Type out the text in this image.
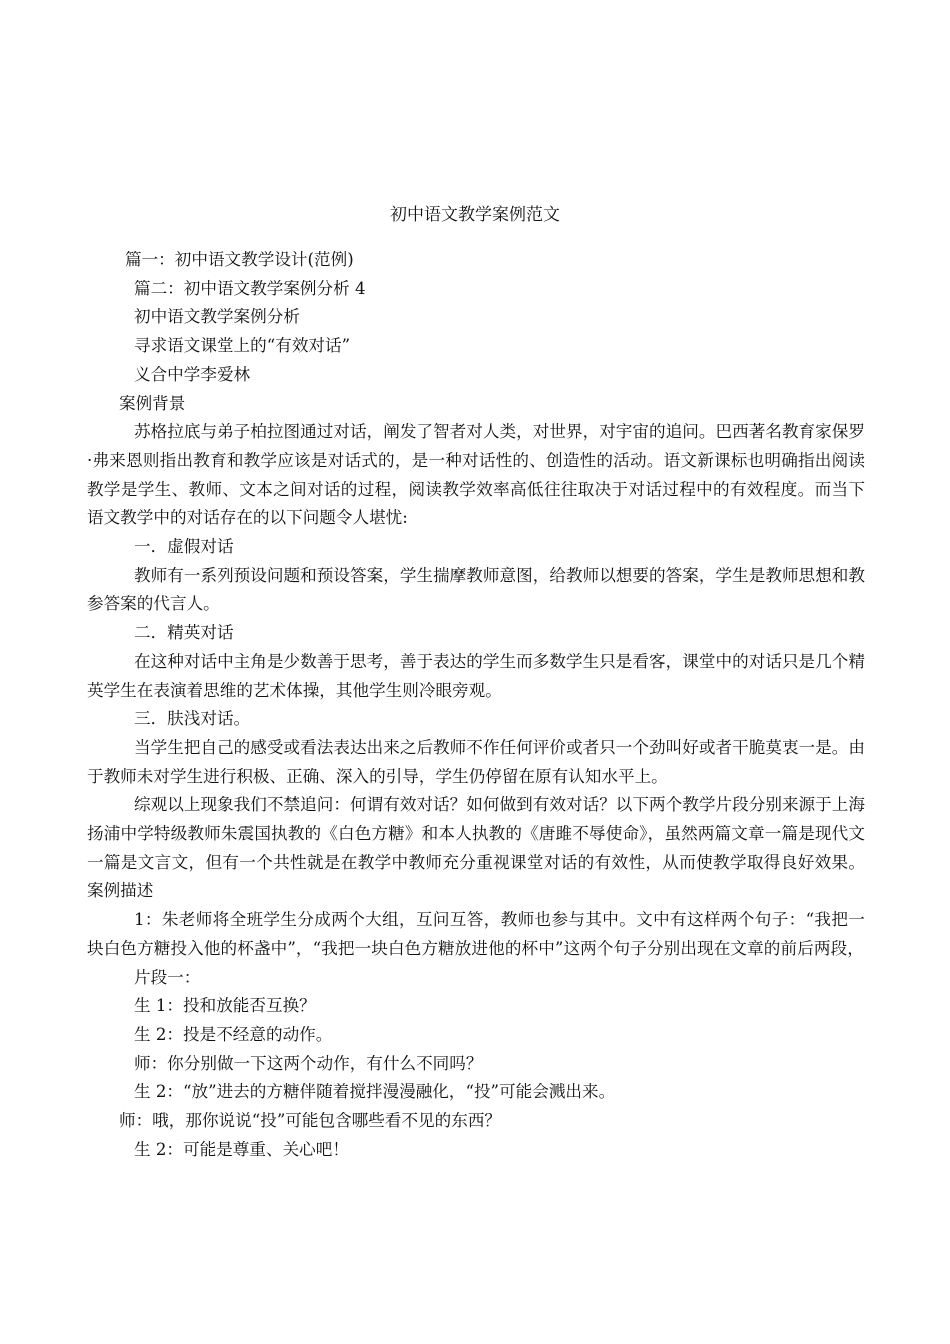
初中语文教学案例范文

篇一：初中语文教学设计(范例)

篇二：初中语文教学案例分析 4

初中语文教学案例分析

寻求语文课堂上的“有效对话”

义合中学李爱林

案例背景

苏格拉底与弟子柏拉图通过对话，阐发了智者对人类，对世界，对宇宙的追问。巴西著名教育家保罗·弗来恩则指出教育和教学应该是对话式的，是一种对话性的、创造性的活动。语文新课标也明确指出阅读教学是学生、教师、文本之间对话的过程，阅读教学效率高低往往取决于对话过程中的有效程度。而当下语文教学中的对话存在的以下问题令人堪忧:

一．虚假对话

教师有一系列预设问题和预设答案，学生揣摩教师意图，给教师以想要的答案，学生是教师思想和教参答案的代言人。

二．精英对话

在这种对话中主角是少数善于思考，善于表达的学生而多数学生只是看客，课堂中的对话只是几个精英学生在表演着思维的艺术体操，其他学生则冷眼旁观。

三．肤浅对话。

当学生把自己的感受或看法表达出来之后教师不作任何评价或者只一个劲叫好或者干脆莫衷一是。由于教师未对学生进行积极、正确、深入的引导，学生仍停留在原有认知水平上。

综观以上现象我们不禁追问：何谓有效对话？如何做到有效对话？以下两个教学片段分别来源于上海扬浦中学特级教师朱震国执教的《白色方糖》和本人执教的《唐雎不辱使命》，虽然两篇文章一篇是现代文一篇是文言文，但有一个共性就是在教学中教师充分重视课堂对话的有效性，从而使教学取得良好效果。 案例描述

1：朱老师将全班学生分成两个大组，互问互答，教师也参与其中。文中有这样两个句子：“我把一块白色方糖投入他的杯盏中”，“我把一块白色方糖放进他的杯中”这两个句子分别出现在文章的前后两段，

片段一：

生 1：投和放能否互换？

生 2：投是不经意的动作。

师：你分别做一下这两个动作，有什么不同吗？

生 2：“放”进去的方糖伴随着搅拌漫漫融化，“投”可能会溅出来。

师：哦，那你说说“投”可能包含哪些看不见的东西？

生 2：可能是尊重、关心吧！
